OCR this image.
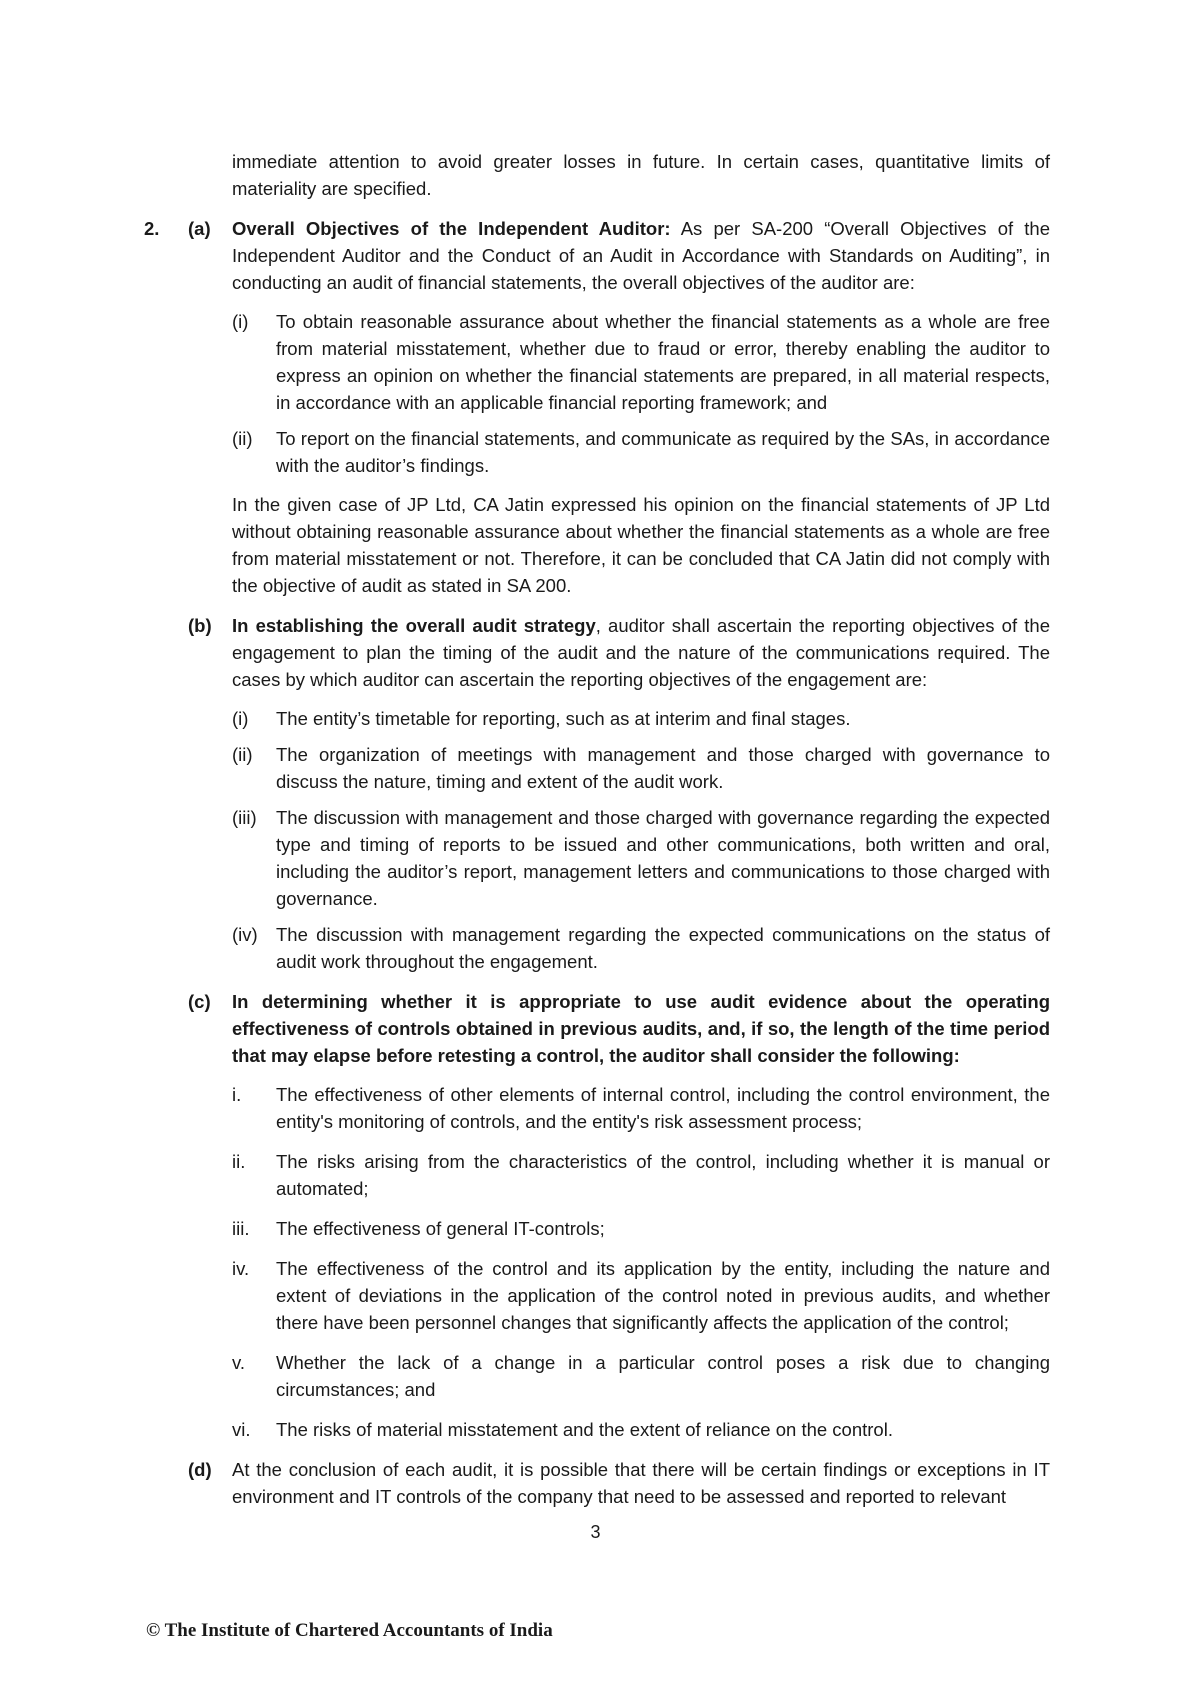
immediate attention to avoid greater losses in future. In certain cases, quantitative limits of materiality are specified.

2. (a) Overall Objectives of the Independent Auditor: As per SA-200 “Overall Objectives of the Independent Auditor and the Conduct of an Audit in Accordance with Standards on Auditing”, in conducting an audit of financial statements, the overall objectives of the auditor are:

(i) To obtain reasonable assurance about whether the financial statements as a whole are free from material misstatement, whether due to fraud or error, thereby enabling the auditor to express an opinion on whether the financial statements are prepared, in all material respects, in accordance with an applicable financial reporting framework; and

(ii) To report on the financial statements, and communicate as required by the SAs, in accordance with the auditor’s findings.

In the given case of JP Ltd, CA Jatin expressed his opinion on the financial statements of JP Ltd without obtaining reasonable assurance about whether the financial statements as a whole are free from material misstatement or not. Therefore, it can be concluded that CA Jatin did not comply with the objective of audit as stated in SA 200.

(b) In establishing the overall audit strategy, auditor shall ascertain the reporting objectives of the engagement to plan the timing of the audit and the nature of the communications required. The cases by which auditor can ascertain the reporting objectives of the engagement are:

(i) The entity’s timetable for reporting, such as at interim and final stages.

(ii) The organization of meetings with management and those charged with governance to discuss the nature, timing and extent of the audit work.

(iii) The discussion with management and those charged with governance regarding the expected type and timing of reports to be issued and other communications, both written and oral, including the auditor’s report, management letters and communications to those charged with governance.

(iv) The discussion with management regarding the expected communications on the status of audit work throughout the engagement.

(c) In determining whether it is appropriate to use audit evidence about the operating effectiveness of controls obtained in previous audits, and, if so, the length of the time period that may elapse before retesting a control, the auditor shall consider the following:

i. The effectiveness of other elements of internal control, including the control environment, the entity's monitoring of controls, and the entity's risk assessment process;

ii. The risks arising from the characteristics of the control, including whether it is manual or automated;

iii. The effectiveness of general IT-controls;

iv. The effectiveness of the control and its application by the entity, including the nature and extent of deviations in the application of the control noted in previous audits, and whether there have been personnel changes that significantly affects the application of the control;

v. Whether the lack of a change in a particular control poses a risk due to changing circumstances; and

vi. The risks of material misstatement and the extent of reliance on the control.

(d) At the conclusion of each audit, it is possible that there will be certain findings or exceptions in IT environment and IT controls of the company that need to be assessed and reported to relevant

3
© The Institute of Chartered Accountants of India
